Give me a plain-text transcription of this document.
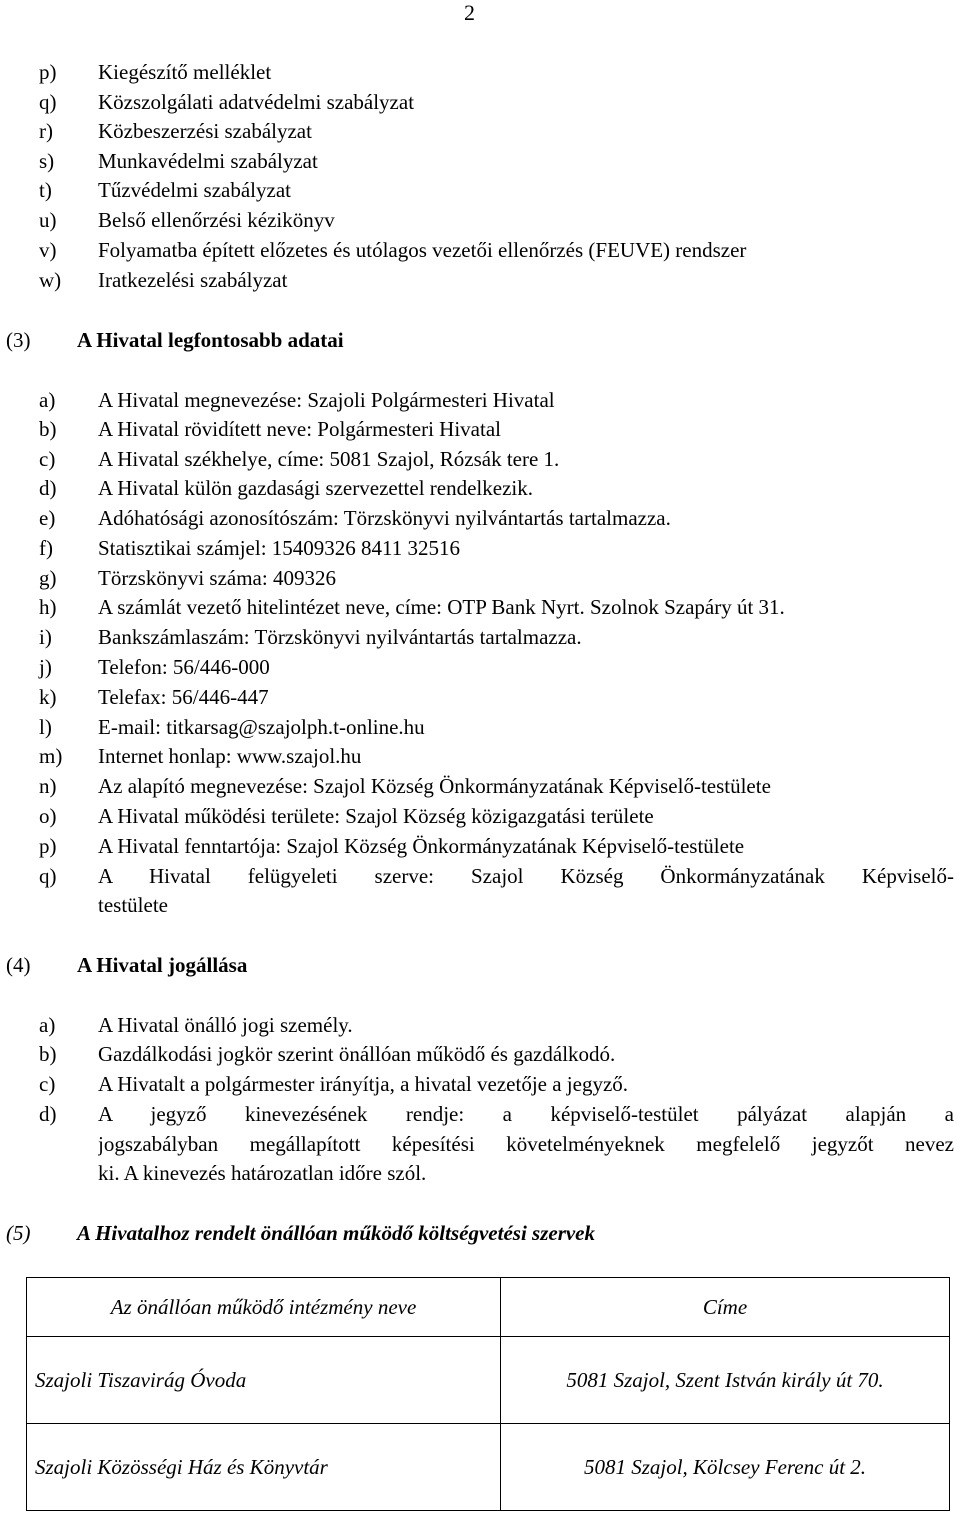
2
p) Kiegészítő melléklet
q) Közszolgálati adatvédelmi szabályzat
r) Közbeszerzési szabályzat
s) Munkavédelmi szabályzat
t) Tűzvédelmi szabályzat
u) Belső ellenőrzési kézikönyv
v) Folyamatba épített előzetes és utólagos vezetői ellenőrzés (FEUVE) rendszer
w) Iratkezelési szabályzat
(3) A Hivatal legfontosabb adatai
a) A Hivatal megnevezése: Szajoli Polgármesteri Hivatal
b) A Hivatal rövidített neve: Polgármesteri Hivatal
c) A Hivatal székhelye, címe: 5081 Szajol, Rózsák tere 1.
d) A Hivatal külön gazdasági szervezettel rendelkezik.
e) Adóhatósági azonosítószám: Törzskönyvi nyilvántartás tartalmazza.
f) Statisztikai számjel: 15409326 8411 32516
g) Törzskönyvi száma: 409326
h) A számlát vezető hitelintézet neve, címe: OTP Bank Nyrt. Szolnok Szapáry út 31.
i) Bankszámlaszám: Törzskönyvi nyilvántartás tartalmazza.
j) Telefon: 56/446-000
k) Telefax: 56/446-447
l) E-mail: titkarsag@szajolph.t-online.hu
m) Internet honlap: www.szajol.hu
n) Az alapító megnevezése: Szajol Község Önkormányzatának Képviselő-testülete
o) A Hivatal működési területe: Szajol Község közigazgatási területe
p) A Hivatal fenntartója: Szajol Község Önkormányzatának Képviselő-testülete
q) A Hivatal felügyeleti szerve: Szajol Község Önkormányzatának Képviselő-
testülete
(4) A Hivatal jogállása
a) A Hivatal önálló jogi személy.
b) Gazdálkodási jogkör szerint önállóan működő és gazdálkodó.
c) A Hivatalt a polgármester irányítja, a hivatal vezetője a jegyző.
d) A jegyző kinevezésének rendje: a képviselő-testület pályázat alapján a
jogszabályban megállapított képesítési követelményeknek megfelelő jegyzőt nevez
ki. A kinevezés határozatlan időre szól.
(5) A Hivatalhoz rendelt önállóan működő költségvetési szervek
Az önállóan működő intézmény neve	Címe
Szajoli Tiszavirág Óvoda	5081 Szajol, Szent István király út 70.
Szajoli Közösségi Ház és Könyvtár	5081 Szajol, Kölcsey Ferenc út 2.
